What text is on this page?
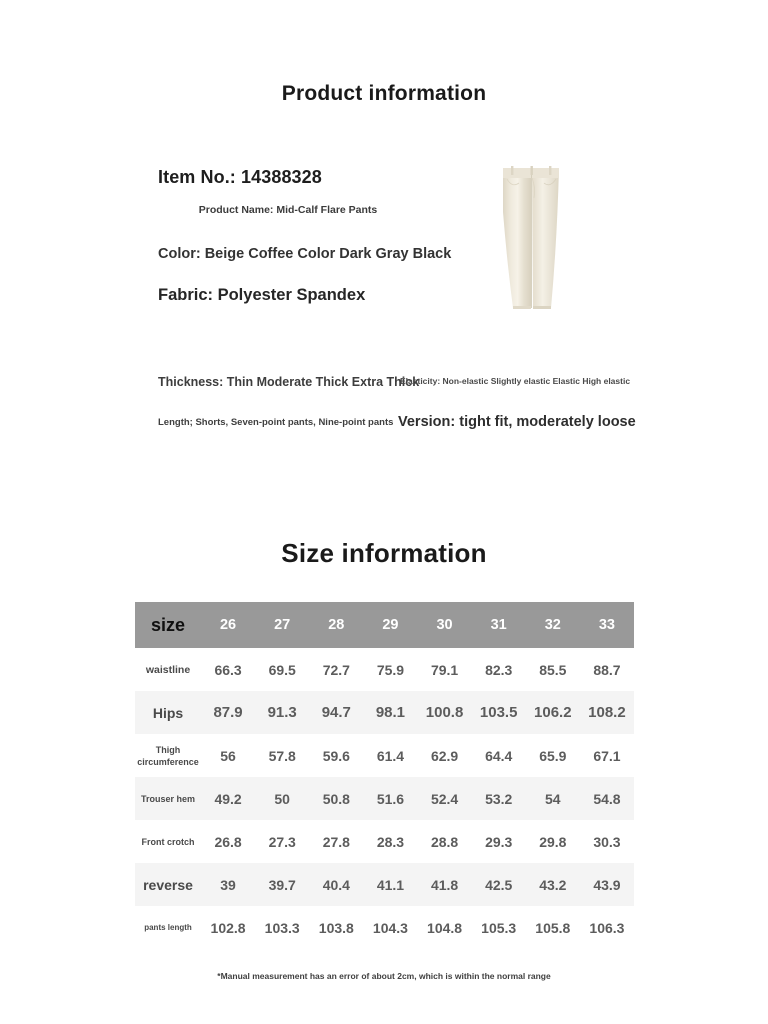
Product information
Item No.: 14388328
Product Name: Mid-Calf Flare Pants
Color: Beige Coffee Color Dark Gray Black
Fabric: Polyester Spandex
Thickness: Thin Moderate Thick Extra Thick
Elasticity: Non-elastic Slightly elastic Elastic High elastic
Length; Shorts, Seven-point pants, Nine-point pants Version: tight fit, moderately loose
Size information
size	26	27	28	29	30	31	32	33
waistline	66.3	69.5	72.7	75.9	79.1	82.3	85.5	88.7
Hips	87.9	91.3	94.7	98.1	100.8	103.5	106.2	108.2
Thigh circumference	56	57.8	59.6	61.4	62.9	64.4	65.9	67.1
Trouser hem	49.2	50	50.8	51.6	52.4	53.2	54	54.8
Front crotch	26.8	27.3	27.8	28.3	28.8	29.3	29.8	30.3
reverse	39	39.7	40.4	41.1	41.8	42.5	43.2	43.9
pants length	102.8	103.3	103.8	104.3	104.8	105.3	105.8	106.3
*Manual measurement has an error of about 2cm, which is within the normal range
